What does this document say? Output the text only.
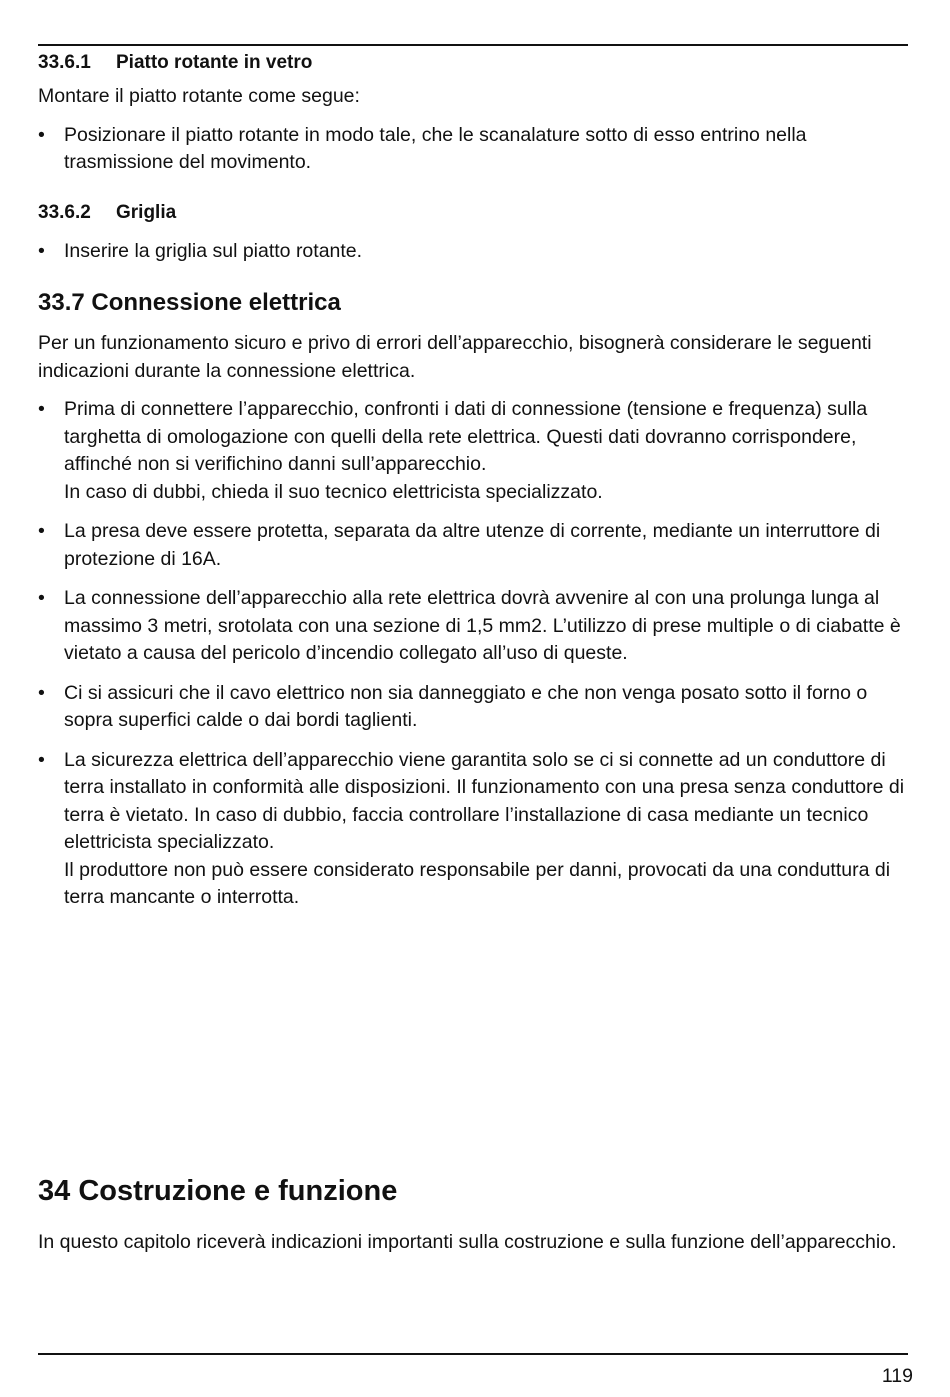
33.6.1 Piatto rotante in vetro

Montare il piatto rotante come segue:

• Posizionare il piatto rotante in modo tale, che le scanalature sotto di esso entrino nella trasmissione del movimento.
33.6.2 Griglia
• Inserire la griglia sul piatto rotante.
33.7 Connessione elettrica

Per un funzionamento sicuro e privo di errori dell’apparecchio, bisognerà considerare le seguenti indicazioni durante la connessione elettrica.

• Prima di connettere l’apparecchio, confronti i dati di connessione (tensione e frequenza) sulla targhetta di omologazione con quelli della rete elettrica. Questi dati dovranno corrispondere, affinché non si verifichino danni sull’apparecchio.
In caso di dubbi, chieda il suo tecnico elettricista specializzato.
• La presa deve essere protetta, separata da altre utenze di corrente, mediante un interruttore di protezione di 16A.
• La connessione dell’apparecchio alla rete elettrica dovrà avvenire al con una prolunga lunga al massimo 3 metri, srotolata con una sezione di 1,5 mm2. L’utilizzo di prese multiple o di ciabatte è vietato a causa del pericolo d’incendio collegato all’uso di queste.
• Ci si assicuri che il cavo elettrico non sia danneggiato e che non venga posato sotto il forno o sopra superfici calde o dai bordi taglienti.
• La sicurezza elettrica dell’apparecchio viene garantita solo se ci si connette ad un conduttore di terra installato in conformità alle disposizioni. Il funzionamento con una presa senza conduttore di terra è vietato. In caso di dubbio, faccia controllare l’installazione di casa mediante un tecnico elettricista specializzato.
Il produttore non può essere considerato responsabile per danni, provocati da una conduttura di terra mancante o interrotta.
34 Costruzione e funzione

In questo capitolo riceverà indicazioni importanti sulla costruzione e sulla funzione dell’apparecchio.

119
